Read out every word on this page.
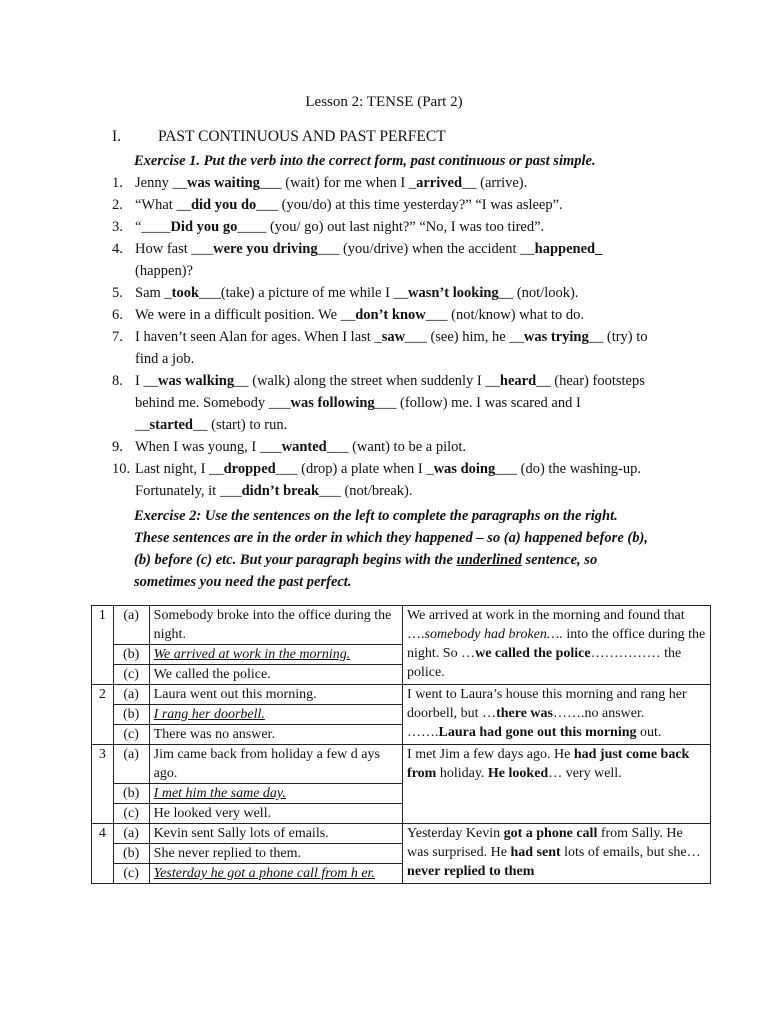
Lesson 2: TENSE (Part 2)
I. PAST CONTINUOUS AND PAST PERFECT
Exercise 1. Put the verb into the correct form, past continuous or past simple.
1. Jenny __was waiting___ (wait) for me when I _arrived__ (arrive).
2. “What __did you do___ (you/do) at this time yesterday?” “I was asleep”.
3. “____Did you go____ (you/ go) out last night?” “No, I was too tired”.
4. How fast ___were you driving___ (you/drive) when the accident __happened_ (happen)?
5. Sam _took___(take) a picture of me while I __wasn’t looking__ (not/look).
6. We were in a difficult position. We __don’t know___ (not/know) what to do.
7. I haven’t seen Alan for ages. When I last _saw___ (see) him, he __was trying__ (try) to find a job.
8. I __was walking__ (walk) along the street when suddenly I __heard__ (hear) footsteps behind me. Somebody ___was following___ (follow) me. I was scared and I __started__ (start) to run.
9. When I was young, I ___wanted___ (want) to be a pilot.
10. Last night, I __dropped___ (drop) a plate when I _was doing___ (do) the washing-up. Fortunately, it ___didn’t break___ (not/break).
Exercise 2: Use the sentences on the left to complete the paragraphs on the right. These sentences are in the order in which they happened – so (a) happened before (b), (b) before (c) etc. But your paragraph begins with the underlined sentence, so sometimes you need the past perfect.
1	(a)	Somebody broke into the office during the night.	We arrived at work in the morning and found that ….somebody had broken…. into the office during the night. So …we called the police…………… the police.
	(b)	We arrived at work in the morning.	
	(c)	We called the police.	
2	(a)	Laura went out this morning.	I went to Laura’s house this morning and rang her doorbell, but …there was…….no answer. …….Laura had gone out this morning out.
	(b)	I rang her doorbell.	
	(c)	There was no answer.	
3	(a)	Jim came back from holiday a few d ays ago.	I met Jim a few days ago. He had just come back from holiday. He looked… very well.
	(b)	I met him the same day.	
	(c)	He looked very well.	
4	(a)	Kevin sent Sally lots of emails.	Yesterday Kevin got a phone call from Sally. He was surprised. He had sent lots of emails, but she…never replied to them
	(b)	She never replied to them.	
	(c)	Yesterday he got a phone call from h er.	
